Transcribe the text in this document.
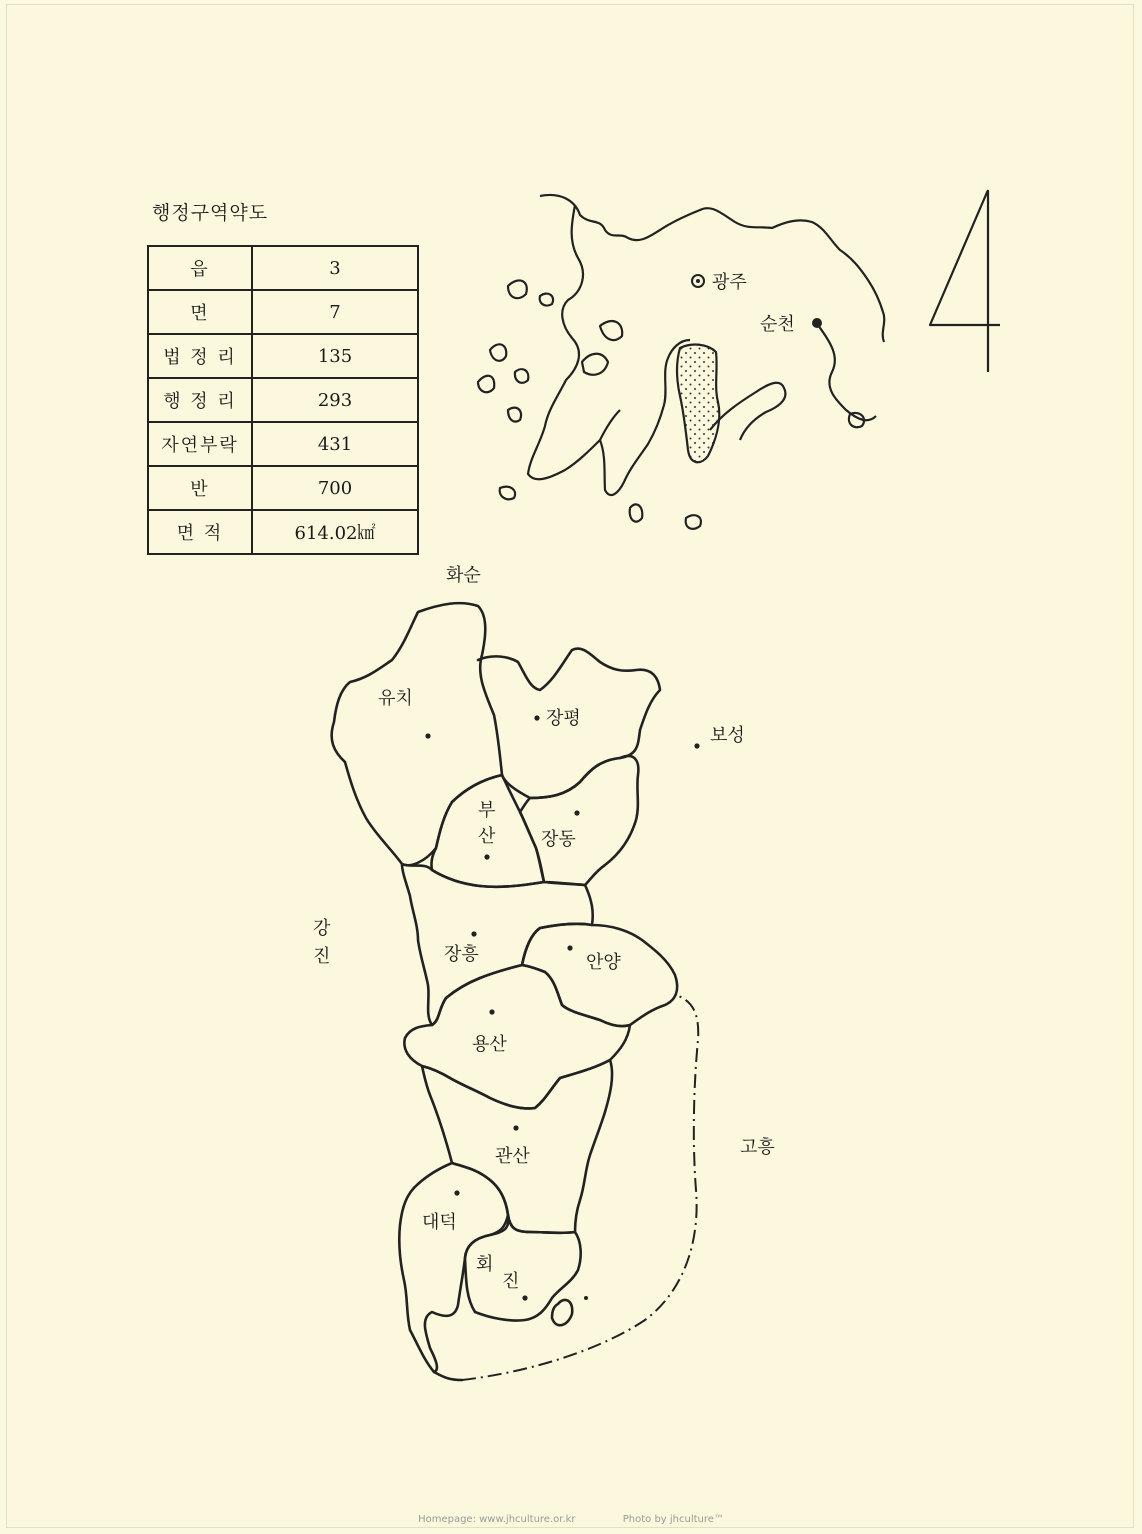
행정구역약도
읍	3
면	7
법 정 리	135
행 정 리	293
자연부락	431
반	700
면 적	614.02㎢
광주
순천
화순
보성
강
진
고흥
유치
장평
부
산	장동
장흥	안양
용산
관산
대덕
회
진
Homepage: www.jhculture.or.kr	Photo by jhculture™
